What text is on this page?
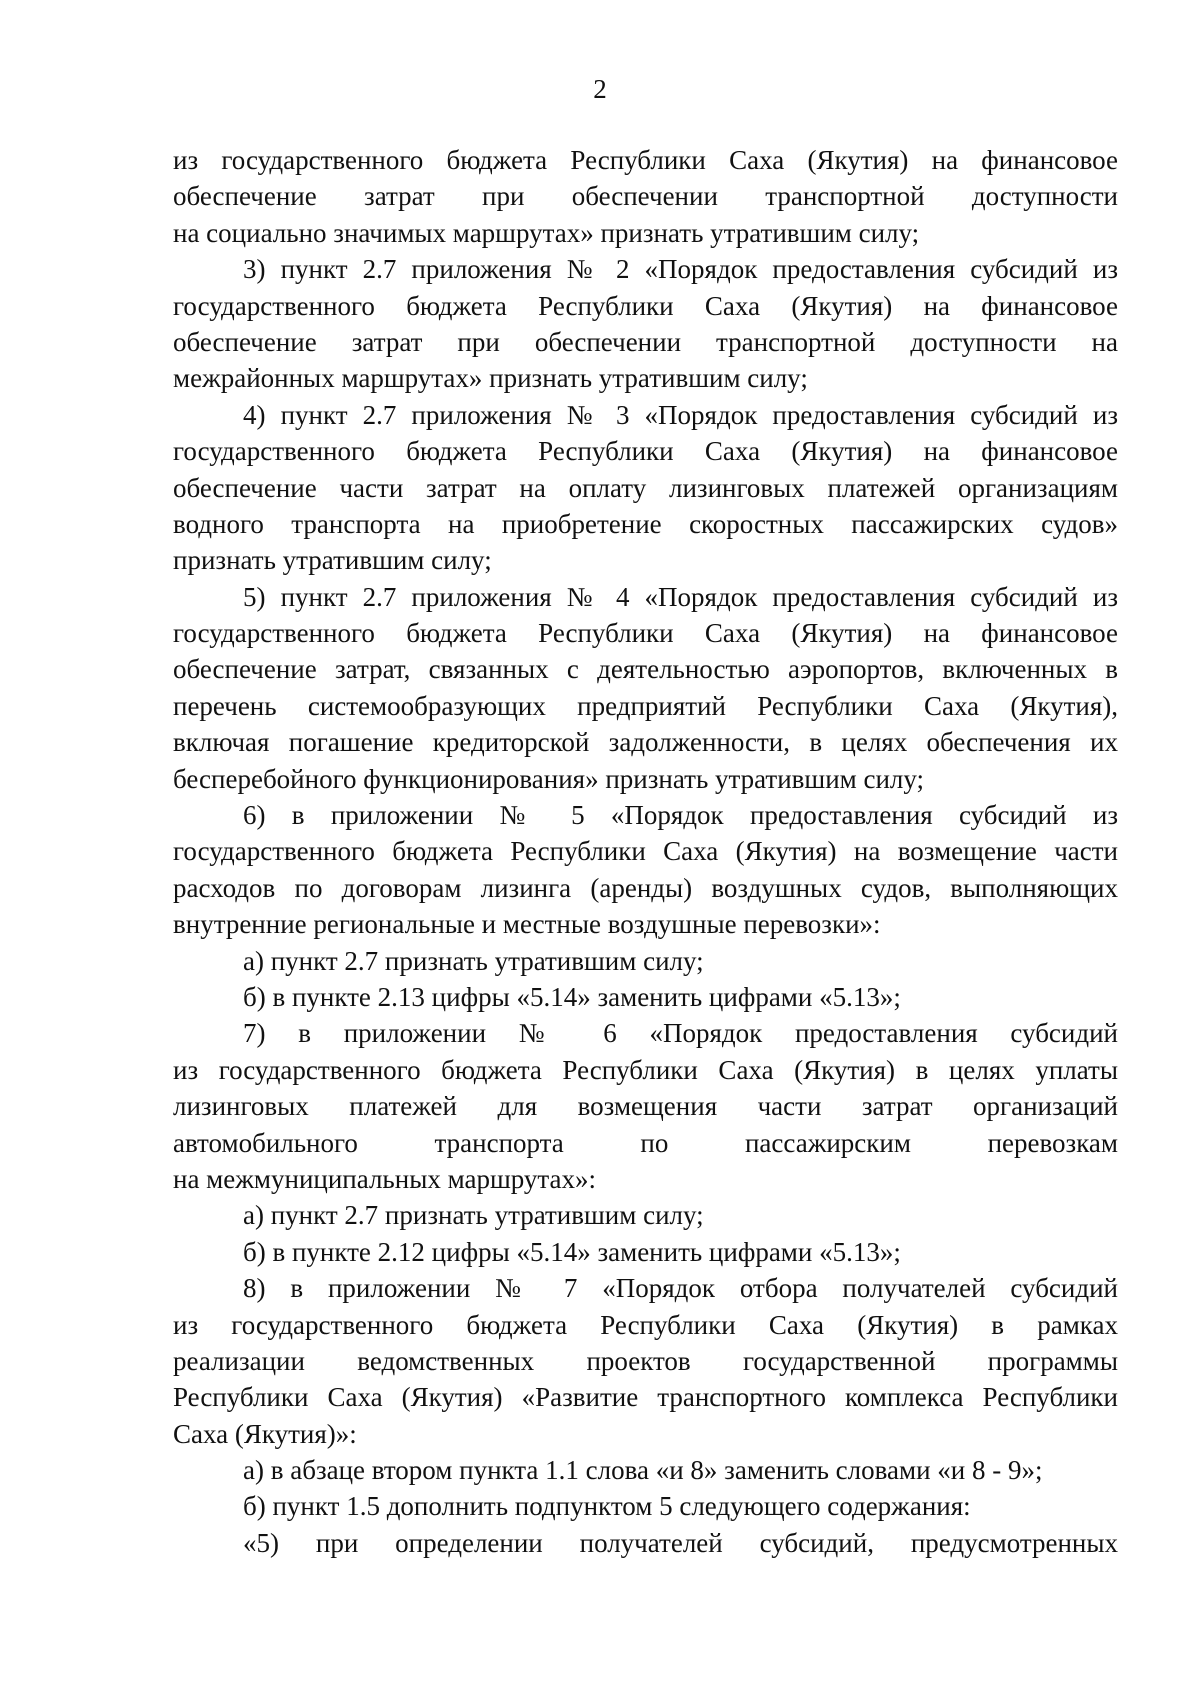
2
из государственного бюджета Республики Саха (Якутия) на финансовое
обеспечение затрат при обеспечении транспортной доступности
на социально значимых маршрутах» признать утратившим силу;
3) пункт 2.7 приложения № 2 «Порядок предоставления субсидий из
государственного бюджета Республики Саха (Якутия) на финансовое
обеспечение затрат при обеспечении транспортной доступности на
межрайонных маршрутах» признать утратившим силу;
4) пункт 2.7 приложения № 3 «Порядок предоставления субсидий из
государственного бюджета Республики Саха (Якутия) на финансовое
обеспечение части затрат на оплату лизинговых платежей организациям
водного транспорта на приобретение скоростных пассажирских судов»
признать утратившим силу;
5) пункт 2.7 приложения № 4 «Порядок предоставления субсидий из
государственного бюджета Республики Саха (Якутия) на финансовое
обеспечение затрат, связанных с деятельностью аэропортов, включенных в
перечень системообразующих предприятий Республики Саха (Якутия),
включая погашение кредиторской задолженности, в целях обеспечения их
бесперебойного функционирования» признать утратившим силу;
6) в приложении № 5 «Порядок предоставления субсидий из
государственного бюджета Республики Саха (Якутия) на возмещение части
расходов по договорам лизинга (аренды) воздушных судов, выполняющих
внутренние региональные и местные воздушные перевозки»:
а) пункт 2.7 признать утратившим силу;
б) в пункте 2.13 цифры «5.14» заменить цифрами «5.13»;
7) в приложении № 6 «Порядок предоставления субсидий
из государственного бюджета Республики Саха (Якутия) в целях уплаты
лизинговых платежей для возмещения части затрат организаций
автомобильного транспорта по пассажирским перевозкам
на межмуниципальных маршрутах»:
а) пункт 2.7 признать утратившим силу;
б) в пункте 2.12 цифры «5.14» заменить цифрами «5.13»;
8) в приложении № 7 «Порядок отбора получателей субсидий
из государственного бюджета Республики Саха (Якутия) в рамках
реализации ведомственных проектов государственной программы
Республики Саха (Якутия) «Развитие транспортного комплекса Республики
Саха (Якутия)»:
а) в абзаце втором пункта 1.1 слова «и 8» заменить словами «и 8 - 9»;
б) пункт 1.5 дополнить подпунктом 5 следующего содержания:
«5) при определении получателей субсидий, предусмотренных
